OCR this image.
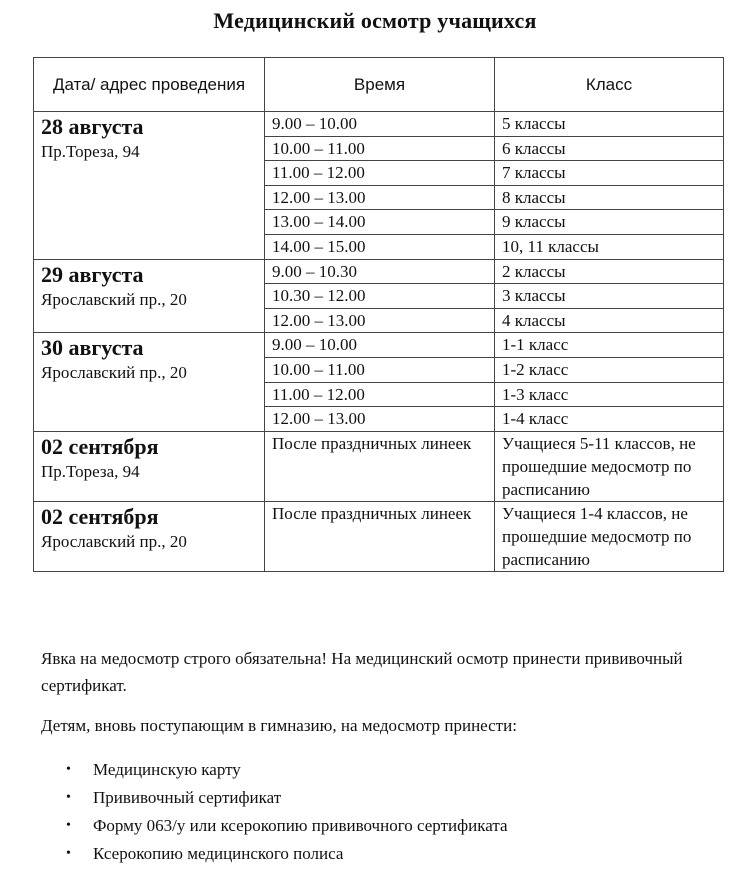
Медицинский осмотр учащихся
Дата/ адрес проведения	Время	Класс

28 августа
Пр.Тореза, 94	9.00 – 10.00	5 классы
	10.00 – 11.00	6 классы
	11.00 – 12.00	7 классы
	12.00 – 13.00	8 классы
	13.00 – 14.00	9 классы
	14.00 – 15.00	10, 11 классы

29 августа
Ярославский пр., 20	9.00 – 10.30	2 классы
	10.30 – 12.00	3 классы
	12.00 – 13.00	4 классы

30 августа
Ярославский пр., 20	9.00 – 10.00	1-1 класс
	10.00 – 11.00	1-2 класс
	11.00 – 12.00	1-3 класс
	12.00 – 13.00	1-4 класс

02 сентября
Пр.Тореза, 94	После праздничных линеек	Учащиеся 5-11 классов, не прошедшие медосмотр по расписанию

02 сентября
Ярославский пр., 20	После праздничных линеек	Учащиеся 1-4 классов, не прошедшие медосмотр по расписанию
Явка на медосмотр строго обязательна! На медицинский осмотр принести прививочный сертификат.
Детям, вновь поступающим в гимназию, на медосмотр принести:
• Медицинскую карту
• Прививочный сертификат
• Форму 063/у или ксерокопию прививочного сертификата
• Ксерокопию медицинского полиса
